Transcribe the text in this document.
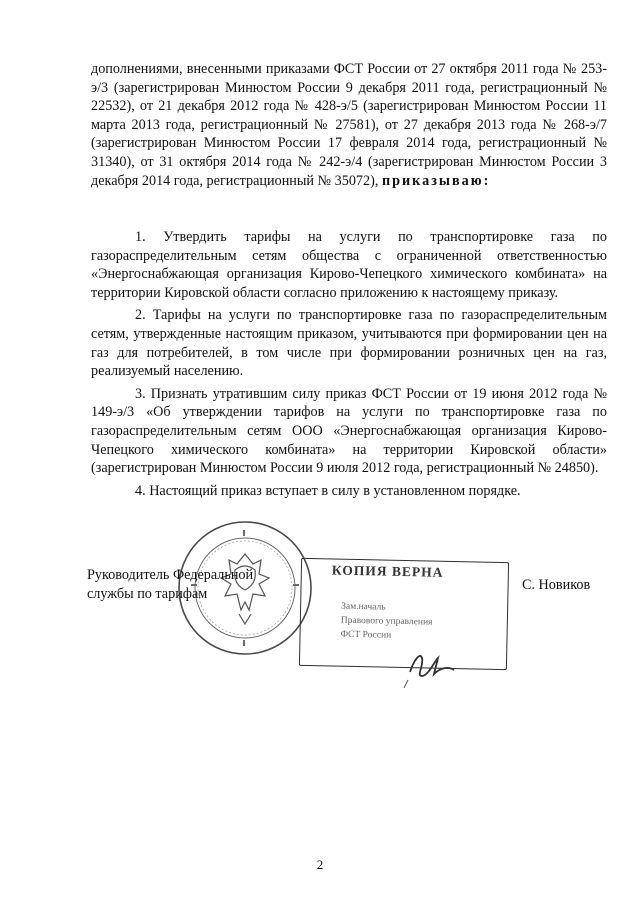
дополнениями, внесенными приказами ФСТ России от 27 октября 2011 года № 253-э/3 (зарегистрирован Минюстом России 9 декабря 2011 года, регистрационный № 22532), от 21 декабря 2012 года № 428-э/5 (зарегистрирован Минюстом России 11 марта 2013 года, регистрационный № 27581), от 27 декабря 2013 года № 268-э/7 (зарегистрирован Минюстом России 17 февраля 2014 года, регистрационный № 31340), от 31 октября 2014 года № 242-э/4 (зарегистрирован Минюстом России 3 декабря 2014 года, регистрационный № 35072), приказываю:

1. Утвердить тарифы на услуги по транспортировке газа по газораспределительным сетям общества с ограниченной ответственностью «Энергоснабжающая организация Кирово-Чепецкого химического комбината» на территории Кировской области согласно приложению к настоящему приказу.

2. Тарифы на услуги по транспортировке газа по газораспределительным сетям, утвержденные настоящим приказом, учитываются при формировании цен на газ для потребителей, в том числе при формировании розничных цен на газ, реализуемый населению.

3. Признать утратившим силу приказ ФСТ России от 19 июня 2012 года № 149-э/3 «Об утверждении тарифов на услуги по транспортировке газа по газораспределительным сетям ООО «Энергоснабжающая организация Кирово-Чепецкого химического комбината» на территории Кировской области» (зарегистрирован Минюстом России 9 июля 2012 года, регистрационный № 24850).

4. Настоящий приказ вступает в силу в установленном порядке.

Руководитель Федеральной
службы по тарифам
С. Новиков
КОПИЯ ВЕРНА
Зам.началь
Правового управления
ФСТ России
2
